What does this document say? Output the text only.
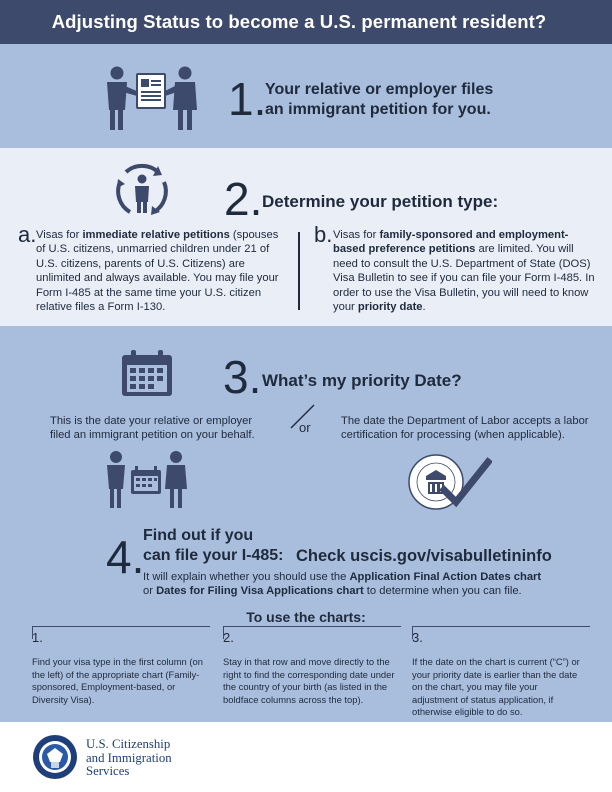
Adjusting Status to become a U.S. permanent resident?
1.
Your relative or employer files
an immigrant petition for you.
2. Determine your petition type:
a. Visas for immediate relative petitions (spouses of U.S. citizens, unmarried children under 21 of U.S. citizens, parents of U.S. Citizens) are unlimited and always available. You may file your Form I-485 at the same time your U.S. citizen relative files a Form I-130.
b. Visas for family-sponsored and employment-based preference petitions are limited. You will need to consult the U.S. Department of State (DOS) Visa Bulletin to see if you can file your Form I-485. In order to use the Visa Bulletin, you will need to know your priority date.
3. What’s my priority Date?
This is the date your relative or employer filed an immigrant petition on your behalf.
or	The date the Department of Labor accepts a labor certification for processing (when applicable).
4.
Find out if you
can file your I-485: Check uscis.gov/visabulletininfo
It will explain whether you should use the Application Final Action Dates chart
or Dates for Filing Visa Applications chart to determine when you can file.
To use the charts:
1.
Find your visa type in the first column (on the left) of the appropriate chart (Family-sponsored, Employment-based, or Diversity Visa).
2.
Stay in that row and move directly to the right to find the corresponding date under the country of your birth (as listed in the boldface columns across the top).
3.
If the date on the chart is current (“C”) or your priority date is earlier than the date on the chart, you may file your adjustment of status application, if otherwise eligible to do so.
U.S. Citizenship
and Immigration
Services
